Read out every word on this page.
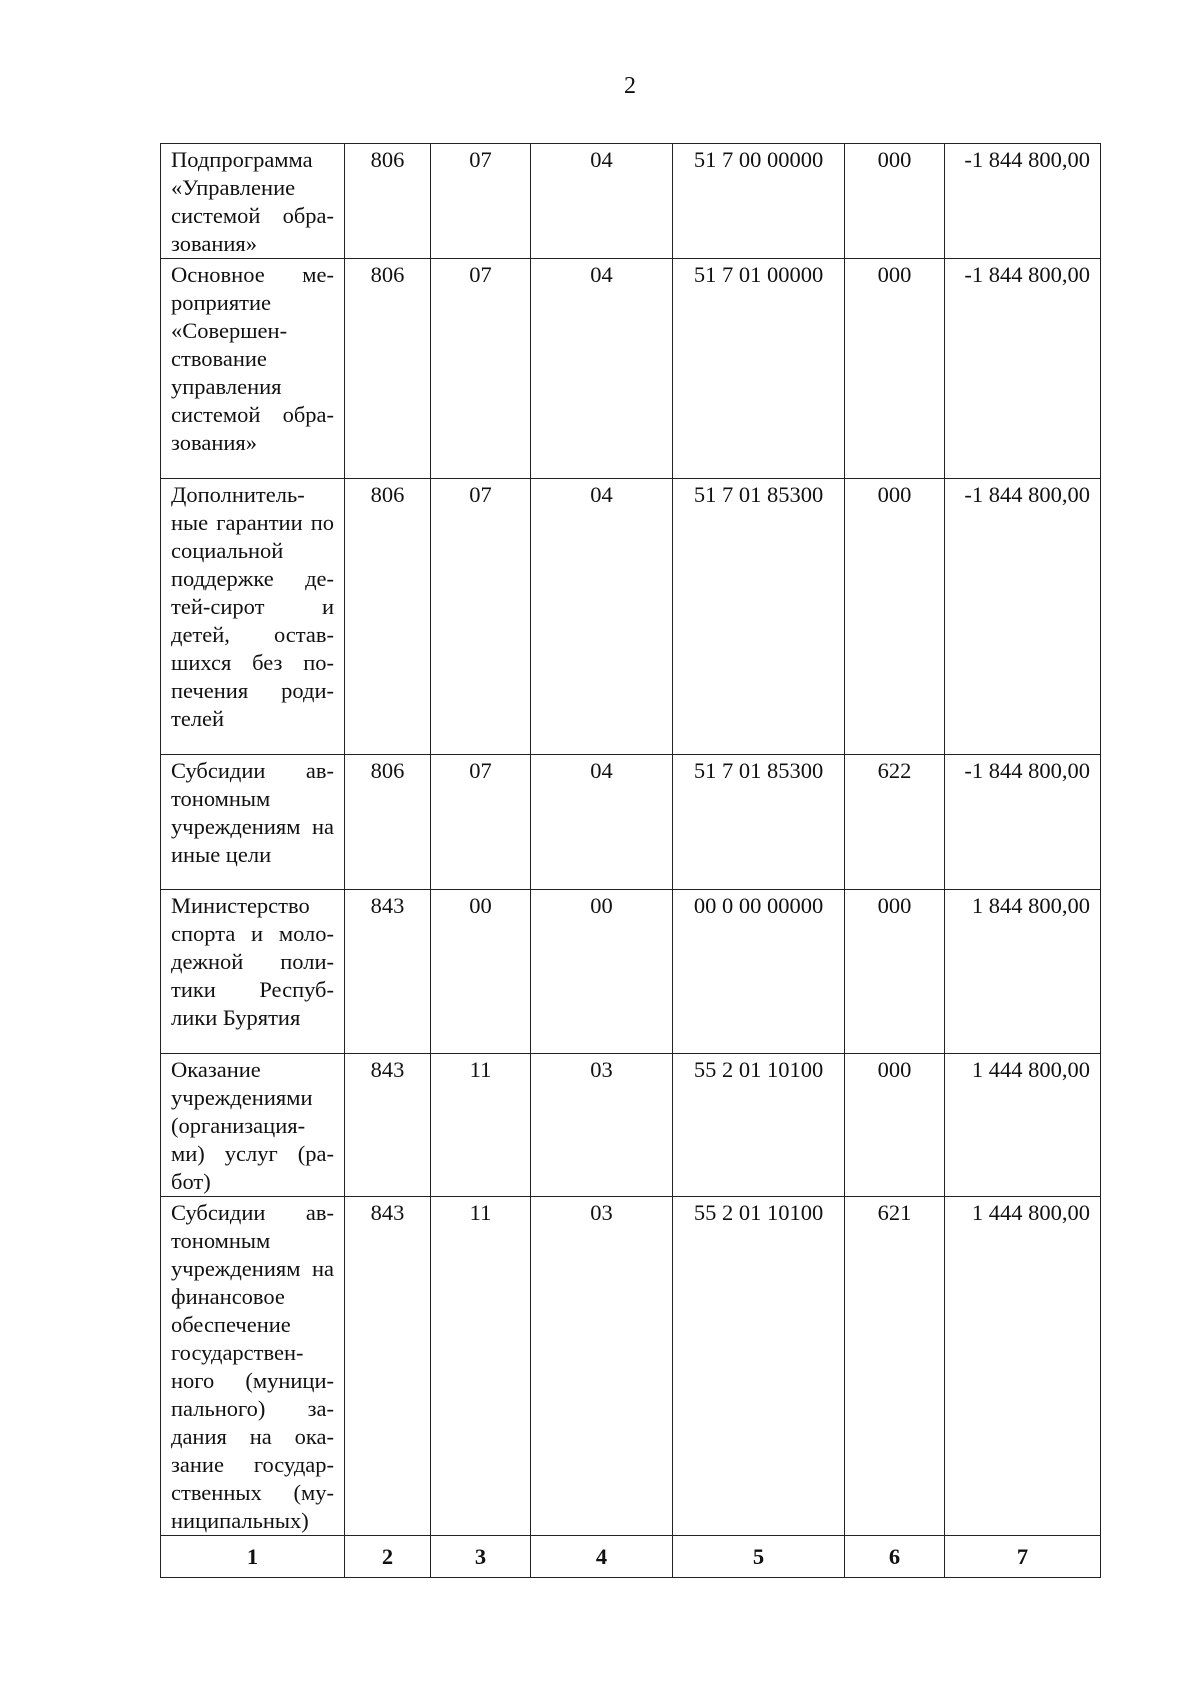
2
Подпрограмма «Управление системой обра-зования»	806	07	04	51 7 00 00000	000	-1 844 800,00
Основное ме-роприятие «Совершен-ствование управления системой обра-зования»	806	07	04	51 7 01 00000	000	-1 844 800,00
Дополнитель-ные гарантии по социальной поддержке де-тей-сирот и детей, остав-шихся без по-печения роди-телей	806	07	04	51 7 01 85300	000	-1 844 800,00
Субсидии ав-тономным учреждениям на иные цели	806	07	04	51 7 01 85300	622	-1 844 800,00
Министерство спорта и моло-дежной поли-тики Респуб-лики Бурятия	843	00	00	00 0 00 00000	000	1 844 800,00
Оказание учреждениями (организация-ми) услуг (ра-бот)	843	11	03	55 2 01 10100	000	1 444 800,00
Субсидии ав-тономным учреждениям на финансовое обеспечение государствен-ного (муници-пального) за-дания на ока-зание государ-ственных (му-ниципальных)	843	11	03	55 2 01 10100	621	1 444 800,00
1	2	3	4	5	6	7
